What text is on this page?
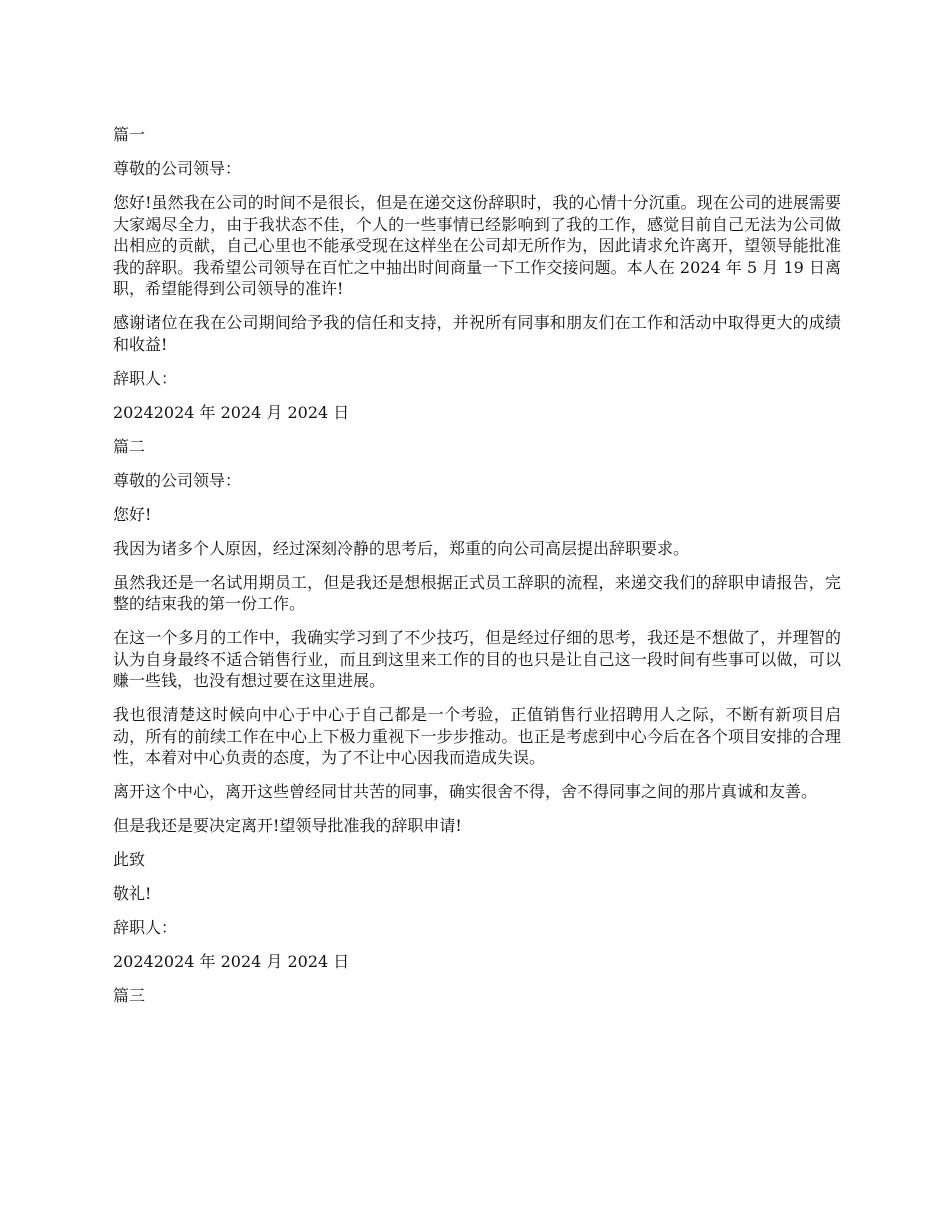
篇一

尊敬的公司领导：

您好!虽然我在公司的时间不是很长，但是在递交这份辞职时，我的心情十分沉重。现在公司的进展需要大家竭尽全力，由于我状态不佳，个人的一些事情已经影响到了我的工作，感觉目前自己无法为公司做出相应的贡献，自己心里也不能承受现在这样坐在公司却无所作为，因此请求允许离开，望领导能批准我的辞职。我希望公司领导在百忙之中抽出时间商量一下工作交接问题。本人在 2024 年 5 月 19 日离职，希望能得到公司领导的准许!

感谢诸位在我在公司期间给予我的信任和支持，并祝所有同事和朋友们在工作和活动中取得更大的成绩和收益!

辞职人：

20242024 年 2024 月 2024 日

篇二

尊敬的公司领导：

您好!

我因为诸多个人原因，经过深刻冷静的思考后，郑重的向公司高层提出辞职要求。

虽然我还是一名试用期员工，但是我还是想根据正式员工辞职的流程，来递交我们的辞职申请报告，完整的结束我的第一份工作。

在这一个多月的工作中，我确实学习到了不少技巧，但是经过仔细的思考，我还是不想做了，并理智的认为自身最终不适合销售行业，而且到这里来工作的目的也只是让自己这一段时间有些事可以做，可以赚一些钱，也没有想过要在这里进展。

我也很清楚这时候向中心于中心于自己都是一个考验，正值销售行业招聘用人之际，不断有新项目启动，所有的前续工作在中心上下极力重视下一步步推动。也正是考虑到中心今后在各个项目安排的合理性，本着对中心负责的态度，为了不让中心因我而造成失误。

离开这个中心，离开这些曾经同甘共苦的同事，确实很舍不得，舍不得同事之间的那片真诚和友善。

但是我还是要决定离开!望领导批准我的辞职申请!

此致

敬礼!

辞职人：

20242024 年 2024 月 2024 日

篇三
